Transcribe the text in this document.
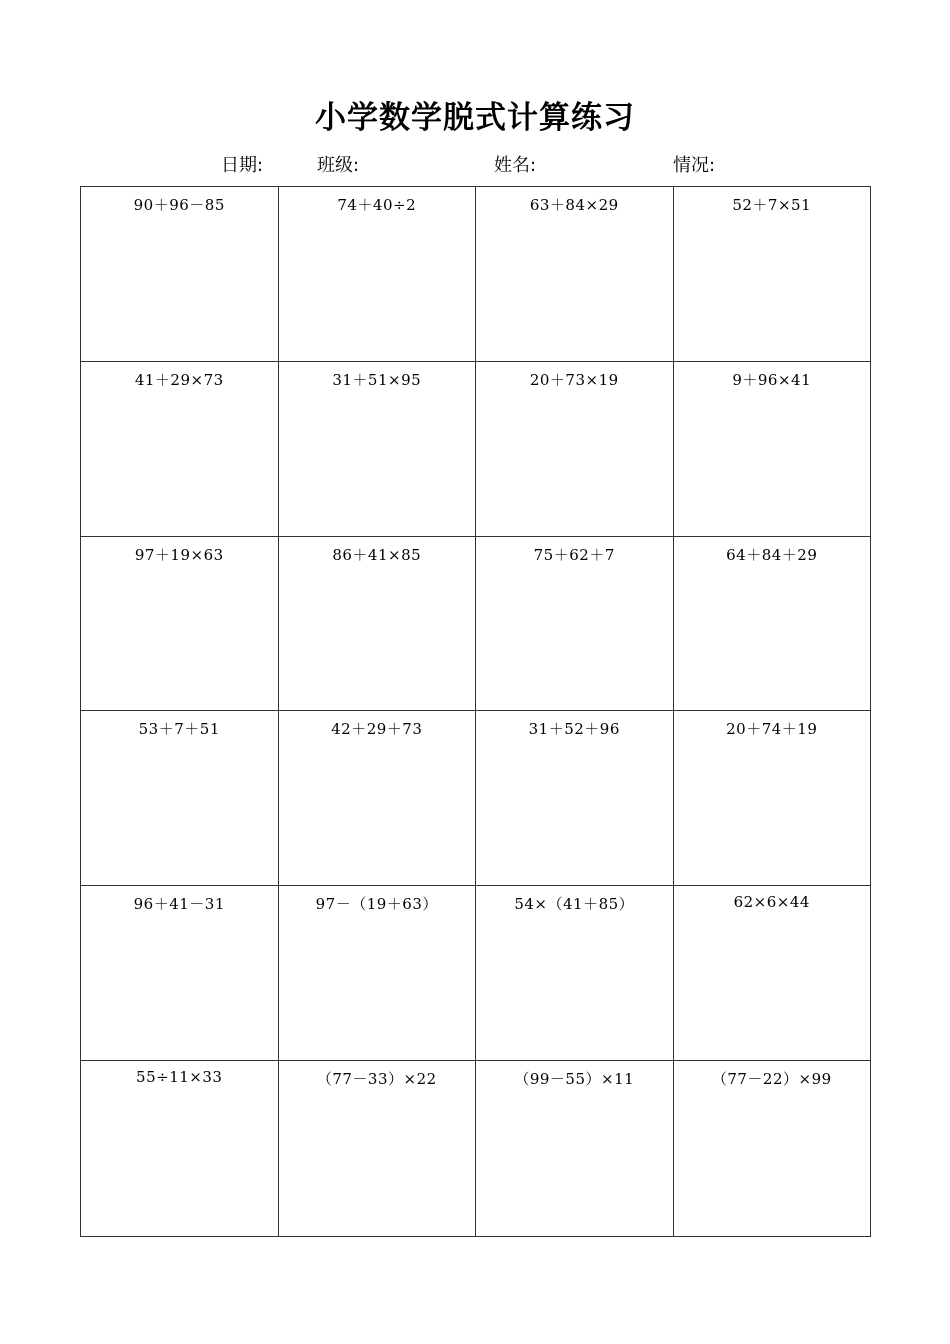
小学数学脱式计算练习
日期:	班级:	姓名:	情况:
90＋96－85	74＋40÷2	63＋84×29	52＋7×51
41＋29×73	31＋51×95	20＋73×19	9＋96×41
97＋19×63	86＋41×85	75＋62＋7	64＋84＋29
53＋7＋51	42＋29＋73	31＋52＋96	20＋74＋19
96＋41－31	97－（19＋63）	54×（41＋85）	62×6×44
55÷11×33	（77－33）×22	（99－55）×11	（77－22）×99
